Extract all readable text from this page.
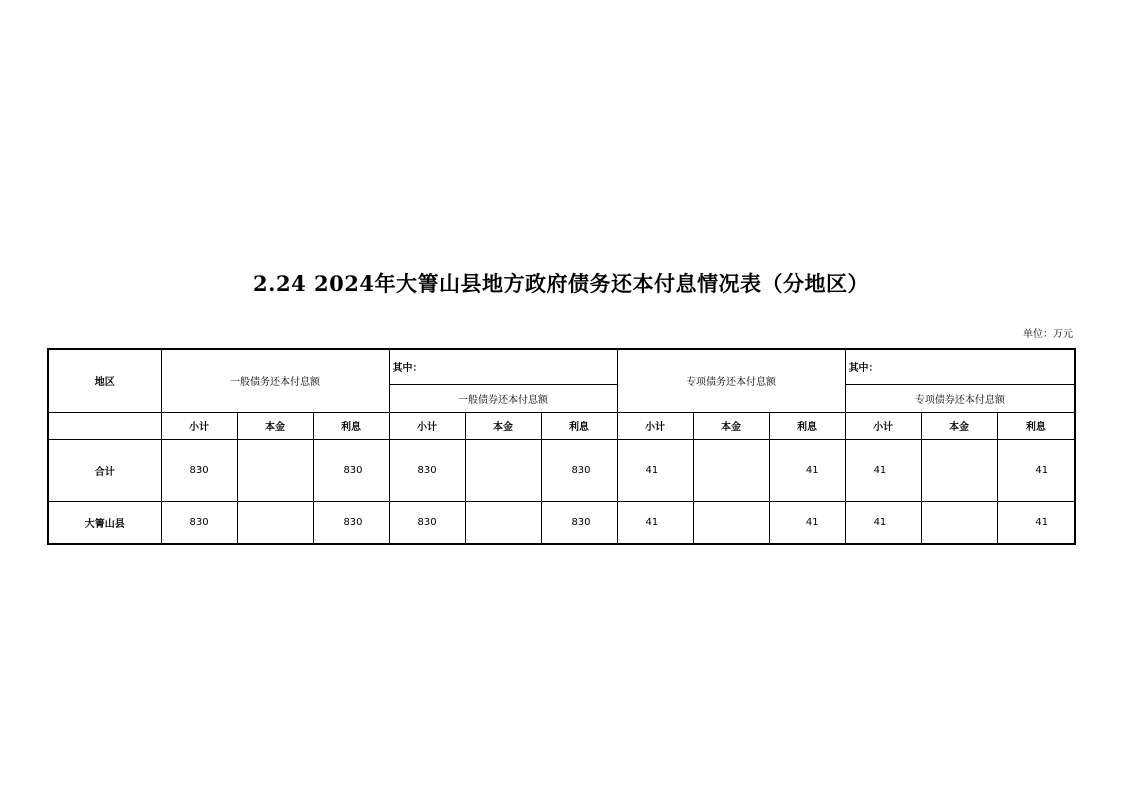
2.24 2024年大箐山县地方政府债务还本付息情况表（分地区）
单位：万元
地区	一般债务还本付息额			其中：			专项债务还本付息额			其中：		
				一般债券还本付息额						专项债券还本付息额		
	小计	本金	利息	小计	本金	利息	小计	本金	利息	小计	本金	利息
合计	830		830	830		830	41		41	41		41
大箐山县	830		830	830		830	41		41	41		41
